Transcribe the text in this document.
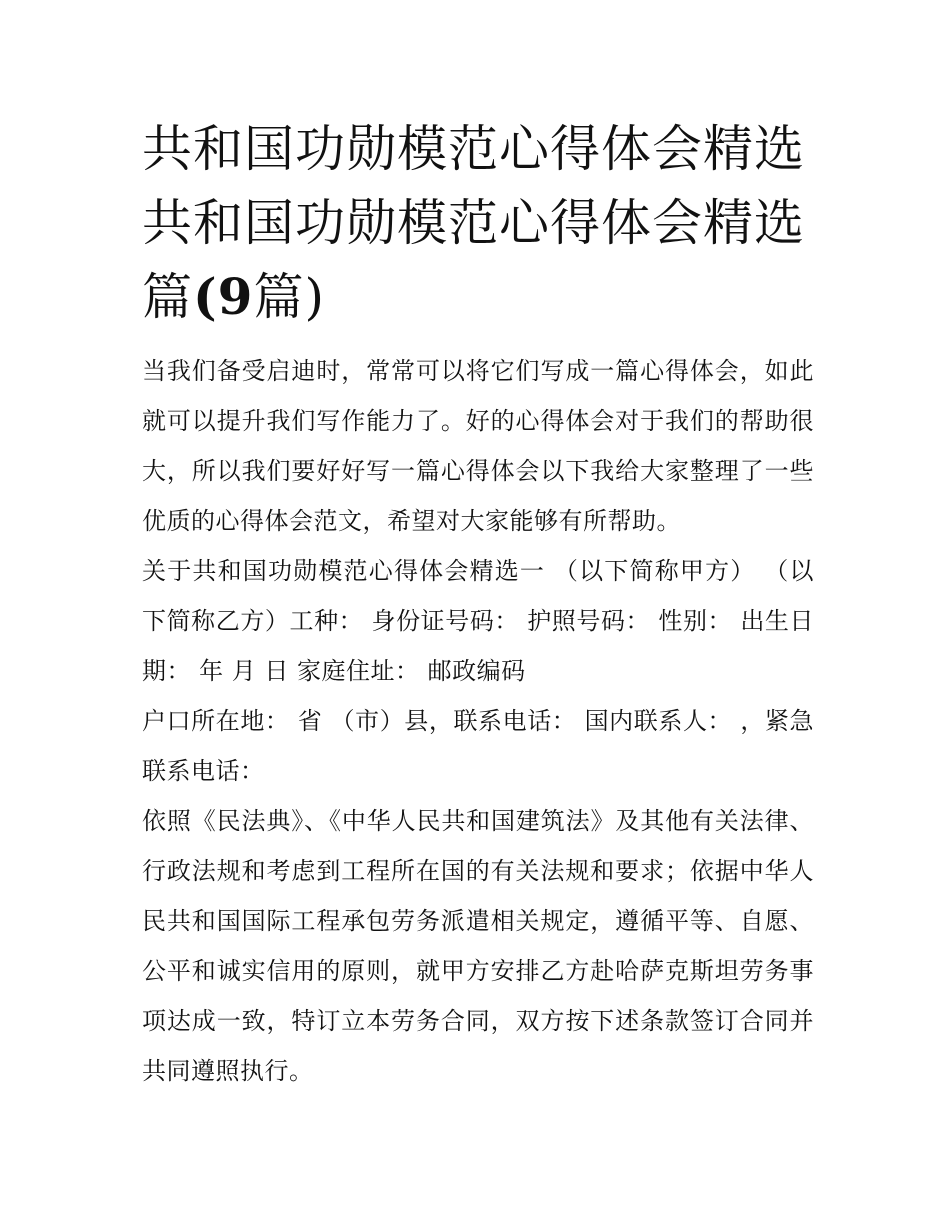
共和国功勋模范心得体会精选
共和国功勋模范心得体会精选
篇(9篇)

当我们备受启迪时，常常可以将它们写成一篇心得体会，如此就可以提升我们写作能力了。好的心得体会对于我们的帮助很大，所以我们要好好写一篇心得体会以下我给大家整理了一些优质的心得体会范文，希望对大家能够有所帮助。

关于共和国功勋模范心得体会精选一 （以下简称甲方） （以下简称乙方）工种： 身份证号码： 护照号码： 性别： 出生日期： 年 月 日 家庭住址： 邮政编码

户口所在地： 省 （市）县，联系电话： 国内联系人： ，紧急联系电话：

依照《民法典》、《中华人民共和国建筑法》及其他有关法律、行政法规和考虑到工程所在国的有关法规和要求；依据中华人民共和国国际工程承包劳务派遣相关规定，遵循平等、自愿、公平和诚实信用的原则，就甲方安排乙方赴哈萨克斯坦劳务事项达成一致，特订立本劳务合同，双方按下述条款签订合同并共同遵照执行。
